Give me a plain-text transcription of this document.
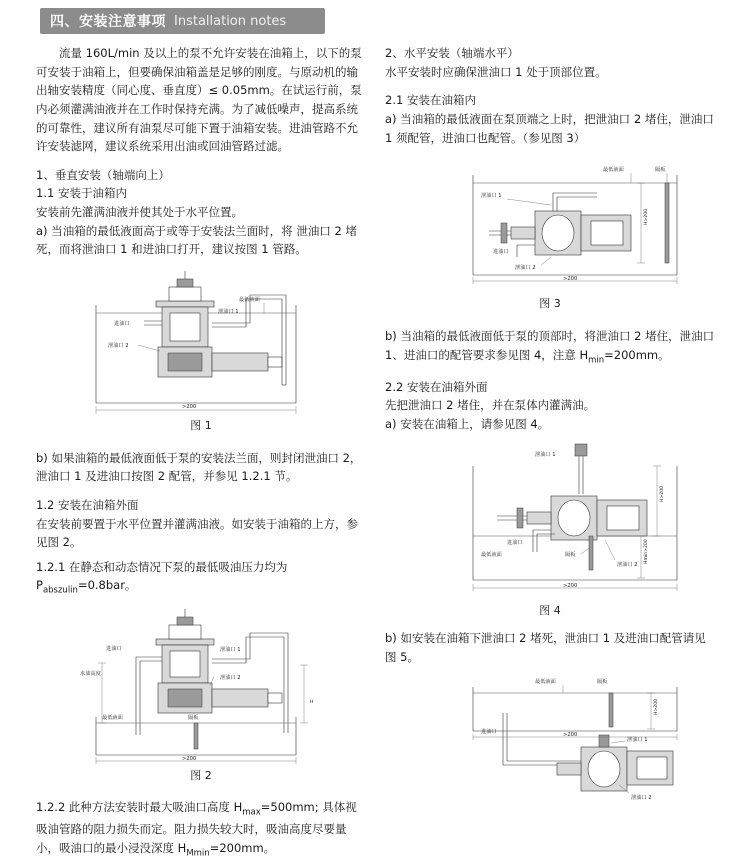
四、安装注意事项 Installation notes

流量 160L/min 及以上的泵不允许安装在油箱上，以下的泵可安装于油箱上，但要确保油箱盖是足够的刚度。与原动机的输出轴安装精度（同心度、垂直度）≤ 0.05mm。在试运行前，泵内必须灌满油液并在工作时保持充满。为了减低噪声，提高系统的可靠性，建议所有油泵尽可能下置于油箱安装。进油管路不允许安装滤网，建议系统采用出油或回油管路过滤。

1、垂直安装（轴端向上）

1.1 安装于油箱内

安装前先灌满油液并使其处于水平位置。

a) 当油箱的最低液面高于或等于安装法兰面时，将 泄油口 2 堵死，而将泄油口 1 和进油口打开，建议按图 1 管路。

最低液面
进油口
泄油口 2
泄油口 1
>200
图 1

b) 如果油箱的最低液面低于泵的安装法兰面，则封闭泄油口 2，泄油口 1 及进油口按图 2 配管，并参见 1.2.1 节。

1.2 安装在油箱外面

在安装前要置于水平位置并灌满油液。如安装于油箱的上方，参见图 2。

1.2.1 在静态和动态情况下泵的最低吸油压力均为

$P_{abszulin}=0.8bar$。

进油口	泄油口 1
泄油口 2
求油高度
隔板
最低液面
H
>200
图 2

1.2.2 此种方法安装时最大吸油口高度 $H_{max}=500mm$; 具体视吸油管路的阻力损失而定。阻力损失较大时，吸油高度尽要量小，吸油口的最小浸没深度 $H_{Mmin}=200mm$。

2、水平安装（轴端水平）

水平安装时应确保泄油口 1 处于顶部位置。

2.1 安装在油箱内

a) 当油箱的最低液面在泵顶端之上时，把泄油口 2 堵住，泄油口 1 须配管，进油口也配管。（参见图 3）

最低液面	隔板
泄油口 1
泄油口 2
进油口
H>200
>200
图 3

b) 当油箱的最低液面低于泵的顶部时，将泄油口 2 堵住，泄油口 1、进油口的配管要求参见图 4，注意 $H_{min}=200mm$。

2.2 安装在油箱外面

先把泄油口 2 堵住，并在泵体内灌满油。

a) 安装在油箱上，请参见图 4。

泄油口 1
进油口
最低液面	隔板
泄油口 2
H>200
Hmin>200
>200
图 4

b) 如安装在油箱下泄油口 2 堵死，泄油口 1 及进油口配管请见图 5。

最低液面	隔板
进油口
泄油口 1
泄油口 2
H>200
>200
